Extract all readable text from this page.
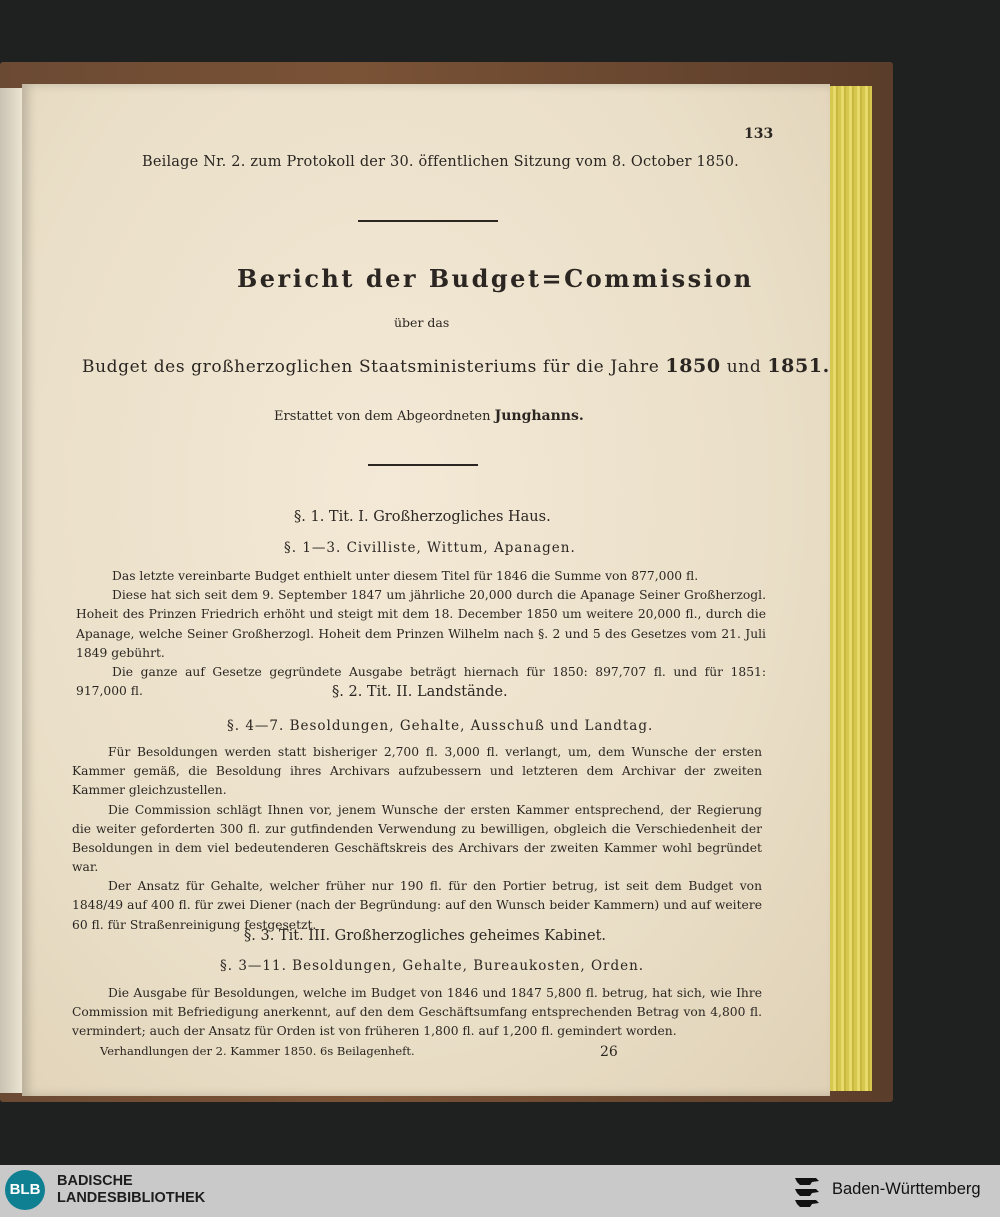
133
Beilage Nr. 2. zum Protokoll der 30. öffentlichen Sitzung vom 8. October 1850.
Bericht der Budget=Commission
über das
Budget des großherzoglichen Staatsministeriums für die Jahre 1850 und 1851.
Erstattet von dem Abgeordneten Junghanns.
§. 1. Tit. I. Großherzogliches Haus.
§. 1—3. Civilliste, Wittum, Apanagen.

Das letzte vereinbarte Budget enthielt unter diesem Titel für 1846 die Summe von 877,000 fl.

Diese hat sich seit dem 9. September 1847 um jährliche 20,000 durch die Apanage Seiner Großherzogl. Hoheit des Prinzen Friedrich erhöht und steigt mit dem 18. December 1850 um weitere 20,000 fl., durch die Apanage, welche Seiner Großherzogl. Hoheit dem Prinzen Wilhelm nach §. 2 und 5 des Gesetzes vom 21. Juli 1849 gebührt.

Die ganze auf Gesetze gegründete Ausgabe beträgt hiernach für 1850: 897,707 fl. und für 1851: 917,000 fl.	§. 2. Tit. II. Landstände.
§. 4—7. Besoldungen, Gehalte, Ausschuß und Landtag.

Für Besoldungen werden statt bisheriger 2,700 fl. 3,000 fl. verlangt, um, dem Wunsche der ersten Kammer gemäß, die Besoldung ihres Archivars aufzubessern und letzteren dem Archivar der zweiten Kammer gleichzustellen.

Die Commission schlägt Ihnen vor, jenem Wunsche der ersten Kammer entsprechend, der Regierung die weiter geforderten 300 fl. zur gutfindenden Verwendung zu bewilligen, obgleich die Verschiedenheit der Besoldungen in dem viel bedeutenderen Geschäftskreis des Archivars der zweiten Kammer wohl begründet war.

Der Ansatz für Gehalte, welcher früher nur 190 fl. für den Portier betrug, ist seit dem Budget von 1848/49 auf 400 fl. für zwei Diener (nach der Begründung: auf den Wunsch beider Kammern) und auf weitere 60 fl. für Straßenreinigung festgesetzt.

§. 3. Tit. III. Großherzogliches geheimes Kabinet.
§. 3—11. Besoldungen, Gehalte, Bureaukosten, Orden.

Die Ausgabe für Besoldungen, welche im Budget von 1846 und 1847 5,800 fl. betrug, hat sich, wie Ihre Commission mit Befriedigung anerkennt, auf den dem Geschäftsumfang entsprechenden Betrag von 4,800 fl. vermindert; auch der Ansatz für Orden ist von früheren 1,800 fl. auf 1,200 fl. gemindert worden.

Verhandlungen der 2. Kammer 1850. 6s Beilagenheft.	26
BLB	BADISCHE
LANDESBIBLIOTHEK	Baden-Württemberg
